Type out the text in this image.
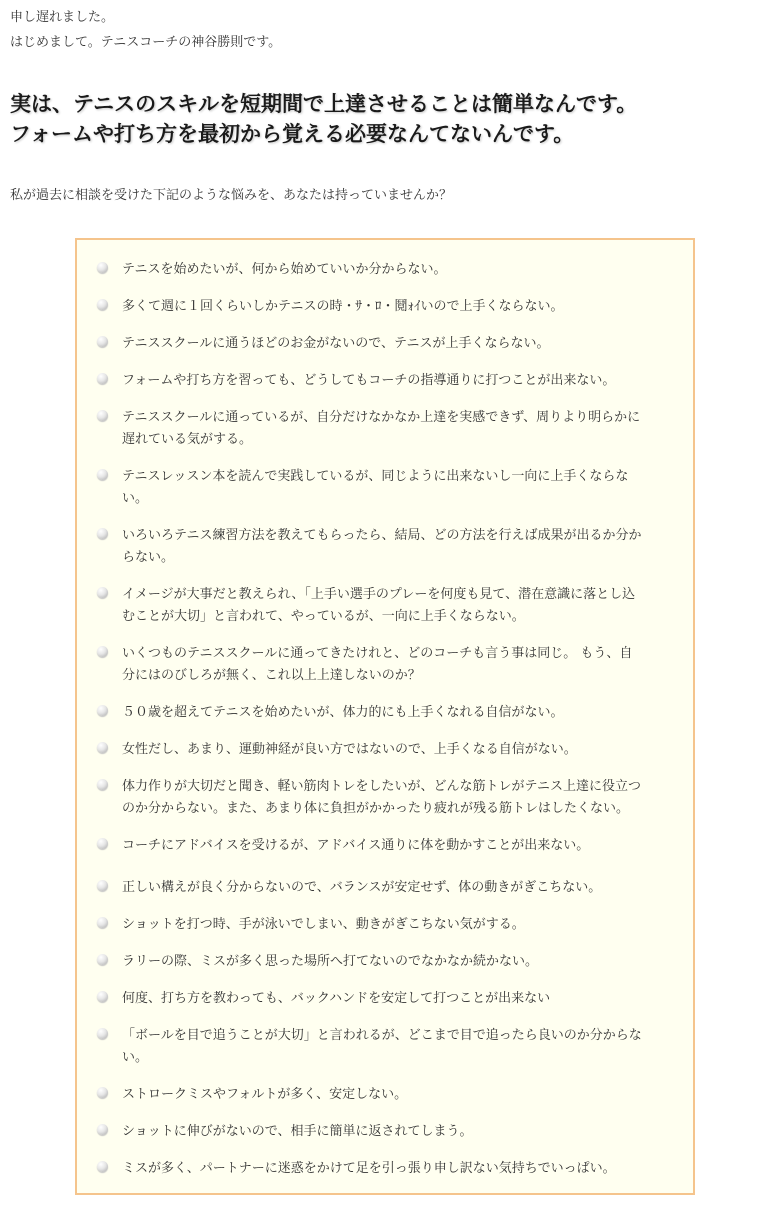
申し遅れました。
はじめまして。テニスコーチの神谷勝則です。
実は、テニスのスキルを短期間で上達させることは簡単なんです。
フォームや打ち方を最初から覚える必要なんてないんです。
私が過去に相談を受けた下記のような悩みを、あなたは持っていませんか？
テニスを始めたいが、何から始めていいか分からない。
多くて週に１回くらいしかテニスの時・ｻ・ﾛ・鬩ｫｲいので上手くならない。
テニススクールに通うほどのお金がないので、テニスが上手くならない。
フォームや打ち方を習っても、どうしてもコーチの指導通りに打つことが出来ない。
テニススクールに通っているが、自分だけなかなか上達を実感できず、周りより明らかに
遅れている気がする。
テニスレッスン本を読んで実践しているが、同じように出来ないし一向に上手くならな
い。
いろいろテニス練習方法を教えてもらったら、結局、どの方法を行えば成果が出るか分か
らない。
イメージが大事だと教えられ、「上手い選手のプレーを何度も見て、潜在意識に落とし込
むことが大切」と言われて、やっているが、一向に上手くならない。
いくつものテニススクールに通ってきたけれと、どのコーチも言う事は同じ。 もう、自
分にはのびしろが無く、これ以上上達しないのか？
５０歳を超えてテニスを始めたいが、体力的にも上手くなれる自信がない。
女性だし、あまり、運動神経が良い方ではないので、上手くなる自信がない。
体力作りが大切だと聞き、軽い筋肉トレをしたいが、どんな筋トレがテニス上達に役立つ
のか分からない。また、あまり体に負担がかかったり疲れが残る筋トレはしたくない。
コーチにアドバイスを受けるが、アドバイス通りに体を動かすことが出来ない。
正しい構えが良く分からないので、バランスが安定せず、体の動きがぎこちない。
ショットを打つ時、手が泳いでしまい、動きがぎこちない気がする。
ラリーの際、ミスが多く思った場所へ打てないのでなかなか続かない。
何度、打ち方を教わっても、バックハンドを安定して打つことが出来ない
「ボールを目で追うことが大切」と言われるが、どこまで目で追ったら良いのか分からな
い。
ストロークミスやフォルトが多く、安定しない。
ショットに伸びがないので、相手に簡単に返されてしまう。
ミスが多く、パートナーに迷惑をかけて足を引っ張り申し訳ない気持ちでいっぱい。
